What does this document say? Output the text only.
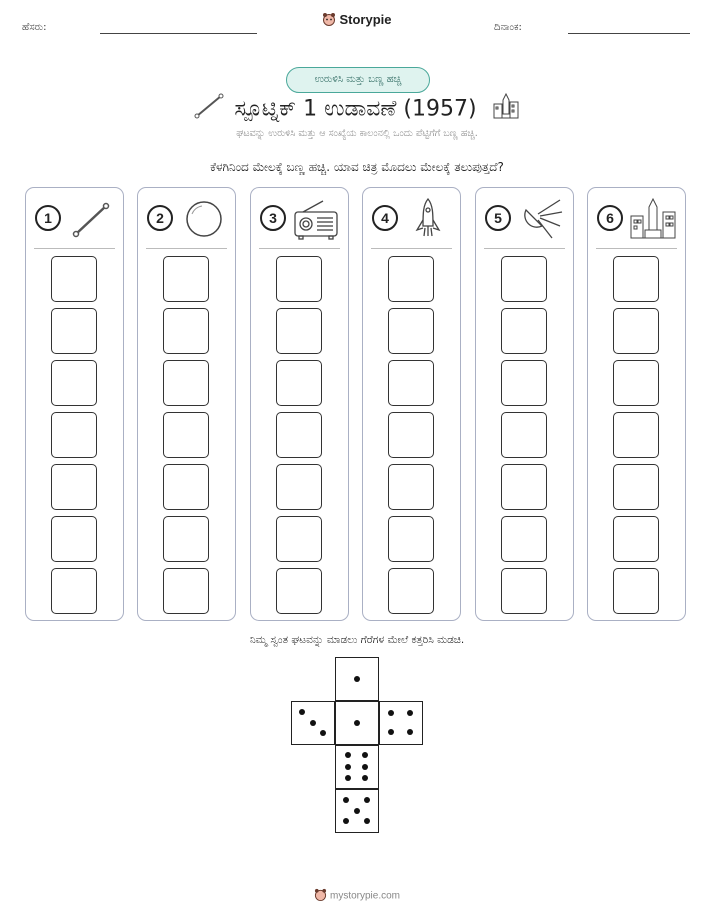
ಹೆಸರು:
Storypie
ದಿನಾಂಕ:
ಉರುಳಿಸಿ ಮತ್ತು ಬಣ್ಣ ಹಚ್ಚಿ
ಸ್ಪೂಟ್ನಿಕ್ 1 ಉಡಾವಣೆ (1957)
ಘಟವನ್ನು ಉರುಳಿಸಿ ಮತ್ತು ಆ ಸಂಖ್ಯೆಯ ಕಾಲಂನಲ್ಲಿ ಒಂದು ಪೆಟ್ಟಿಗೆಗೆ ಬಣ್ಣ ಹಚ್ಚಿ.
ಕೆಳಗಿನಿಂದ ಮೇಲಕ್ಕೆ ಬಣ್ಣ ಹಚ್ಚಿ. ಯಾವ ಚಿತ್ರ ಮೊದಲು ಮೇಲಕ್ಕೆ ತಲುಪುತ್ತದೆ?
1	2	3	4	5	6
ನಿಮ್ಮ ಸ್ವಂತ ಘಟವನ್ನು ಮಾಡಲು ಗೆರೆಗಳ ಮೇಲೆ ಕತ್ತರಿಸಿ ಮಡಚಿ.
mystorypie.com
